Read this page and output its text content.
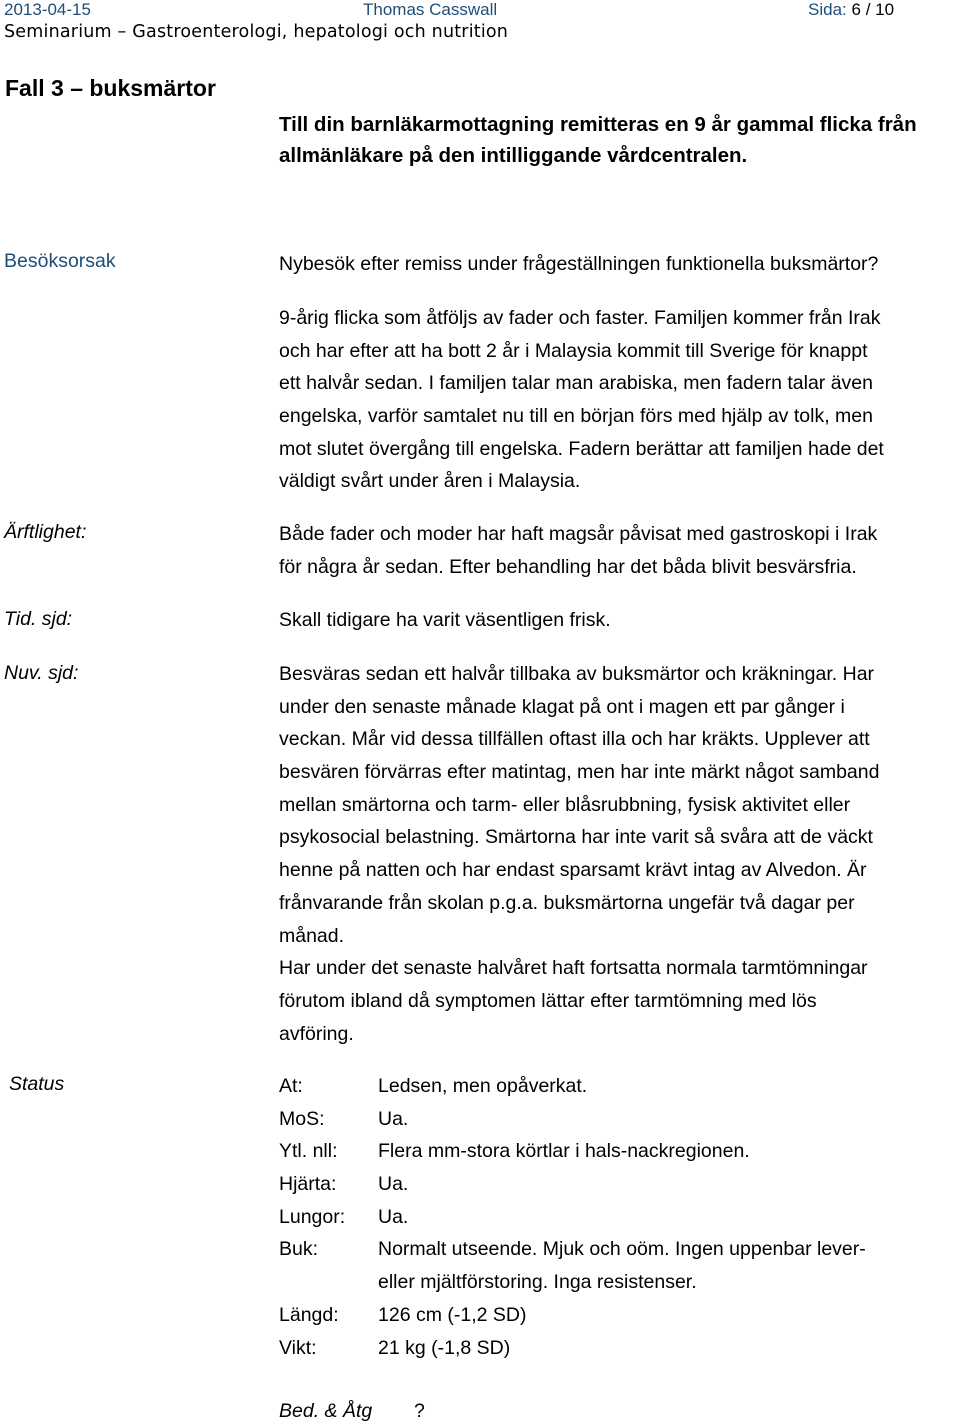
2013-04-15	Thomas Casswall	Sida: 6 / 10
Seminarium – Gastroenterologi, hepatologi och nutrition
Fall 3 – buksmärtor
Till din barnläkarmottagning remitteras en 9 år gammal flicka från
allmänläkare på den intilliggande vårdcentralen.
Besöksorsak	Nybesök efter remiss under frågeställningen funktionella buksmärtor?
9-årig flicka som åtföljs av fader och faster. Familjen kommer från Irak
och har efter att ha bott 2 år i Malaysia kommit till Sverige för knappt
ett halvår sedan. I familjen talar man arabiska, men fadern talar även
engelska, varför samtalet nu till en början förs med hjälp av tolk, men
mot slutet övergång till engelska. Fadern berättar att familjen hade det
väldigt svårt under åren i Malaysia.
Ärftlighet:	Både fader och moder har haft magsår påvisat med gastroskopi i Irak
för några år sedan. Efter behandling har det båda blivit besvärsfria.
Tid. sjd:	Skall tidigare ha varit väsentligen frisk.
Nuv. sjd:	Besväras sedan ett halvår tillbaka av buksmärtor och kräkningar. Har
under den senaste månade klagat på ont i magen ett par gånger i
veckan. Mår vid dessa tillfällen oftast illa och har kräkts. Upplever att
besvären förvärras efter matintag, men har inte märkt något samband
mellan smärtorna och tarm- eller blåsrubbning, fysisk aktivitet eller
psykosocial belastning. Smärtorna har inte varit så svåra att de väckt
henne på natten och har endast sparsamt krävt intag av Alvedon. Är
frånvarande från skolan p.g.a. buksmärtorna ungefär två dagar per
månad.
Har under det senaste halvåret haft fortsatta normala tarmtömningar
förutom ibland då symptomen lättar efter tarmtömning med lös
avföring.
Status	At:	Ledsen, men opåverkat.
MoS:	Ua.
Ytl. nll:	Flera mm-stora körtlar i hals-nackregionen.
Hjärta:	Ua.
Lungor:	Ua.
Buk:	Normalt utseende. Mjuk och oöm. Ingen uppenbar lever-
eller mjältförstoring. Inga resistenser.
Längd:	126 cm (-1,2 SD)
Vikt:	21 kg (-1,8 SD)
Bed. & Åtg ?
